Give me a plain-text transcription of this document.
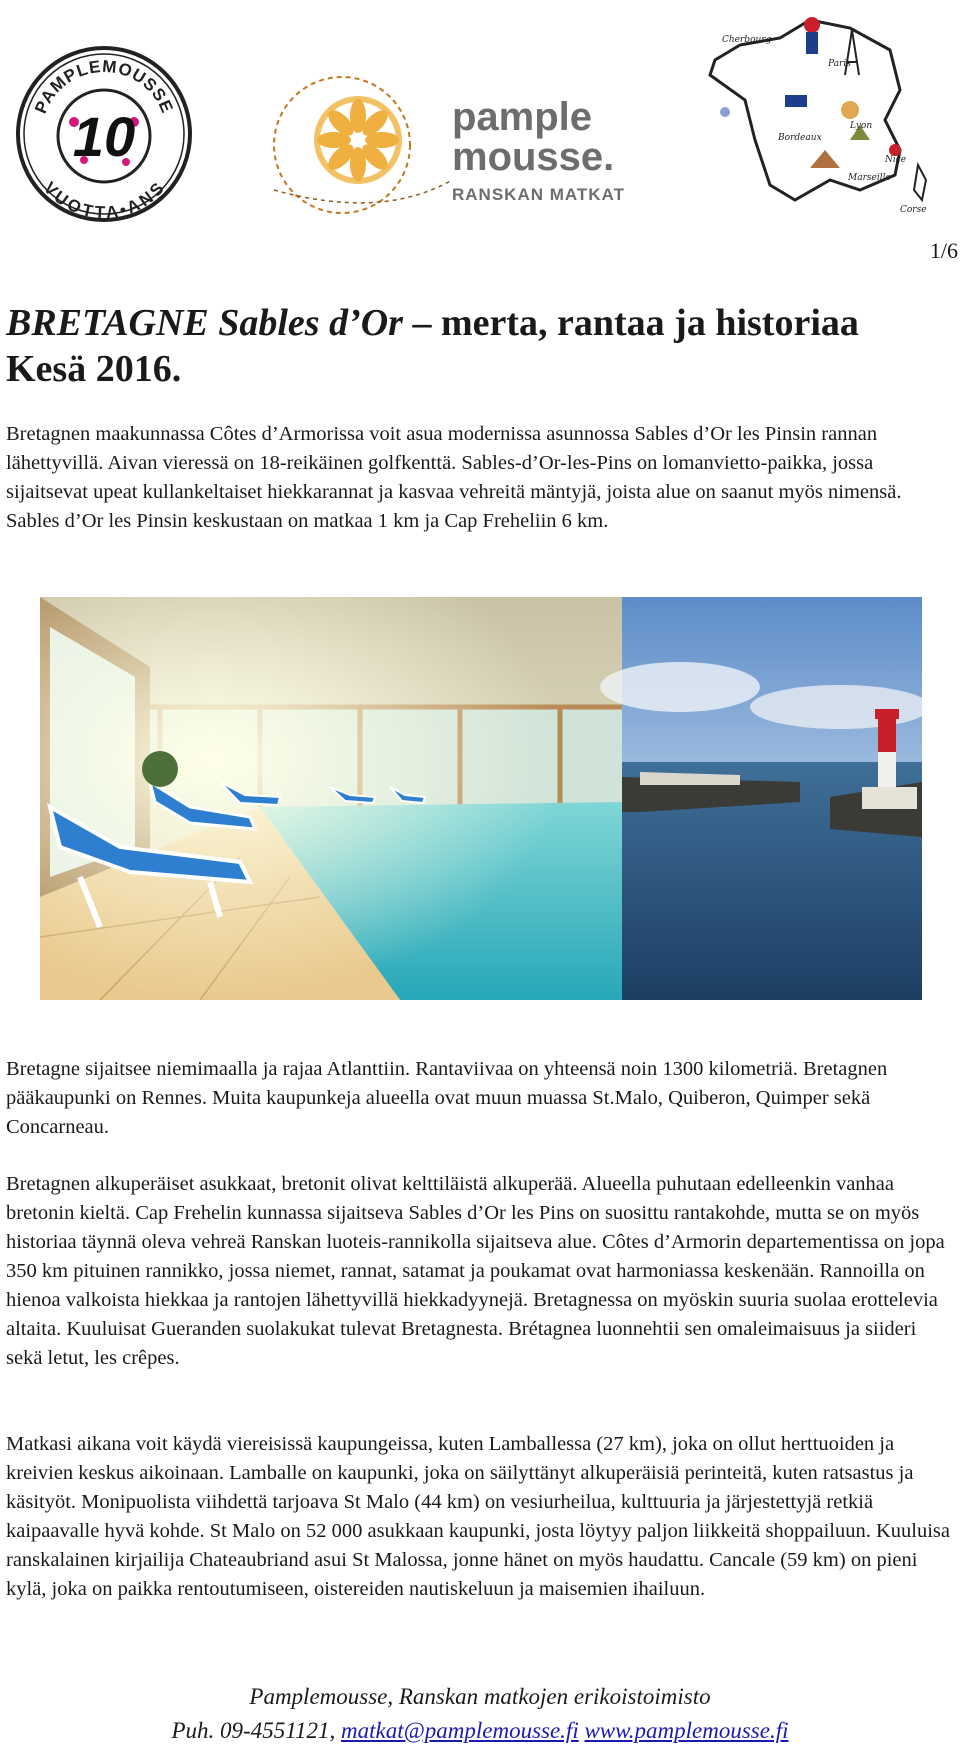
PAMPLEMOUSSE
VUOTTA•ANS
10	pample
mousse.
RANSKAN MATKAT
Cherbourg
Paris
Bordeaux
Lyon
Nice
Marseille
Corse
1/6
BRETAGNE Sables d’Or – merta, rantaa ja historiaa
Kesä 2016.

Bretagnen maakunnassa Côtes d’Armorissa voit asua modernissa asunnossa Sables d’Or les Pinsin rannan lähettyvillä. Aivan vieressä on 18-reikäinen golfkenttä. Sables-d’Or-les-Pins on lomanvietto-paikka, jossa sijaitsevat upeat kullankeltaiset hiekkarannat ja kasvaa vehreitä mäntyjä, joista alue on saanut myös nimensä. Sables d’Or les Pinsin keskustaan on matkaa 1 km ja Cap Freheliin 6 km.

Bretagne sijaitsee niemimaalla ja rajaa Atlanttiin. Rantaviivaa on yhteensä noin 1300 kilometriä. Bretagnen pääkaupunki on Rennes. Muita kaupunkeja alueella ovat muun muassa St.Malo, Quiberon, Quimper sekä Concarneau.

Bretagnen alkuperäiset asukkaat, bretonit olivat kelttiläistä alkuperää. Alueella puhutaan edelleenkin vanhaa bretonin kieltä. Cap Frehelin kunnassa sijaitseva Sables d’Or les Pins on suosittu rantakohde, mutta se on myös historiaa täynnä oleva vehreä Ranskan luoteis-rannikolla sijaitseva alue. Côtes d’Armorin departementissa on jopa 350 km pituinen rannikko, jossa niemet, rannat, satamat ja poukamat ovat harmoniassa keskenään. Rannoilla on hienoa valkoista hiekkaa ja rantojen lähettyvillä hiekkadyynejä. Bretagnessa on myöskin suuria suolaa erottelevia altaita. Kuuluisat Gueranden suolakukat tulevat Bretagnesta. Brétagnea luonnehtii sen omaleimaisuus ja siideri sekä letut, les crêpes.

Matkasi aikana voit käydä viereisissä kaupungeissa, kuten Lamballessa (27 km), joka on ollut herttuoiden ja kreivien keskus aikoinaan. Lamballe on kaupunki, joka on säilyttänyt alkuperäisiä perinteitä, kuten ratsastus ja käsityöt. Monipuolista viihdettä tarjoava St Malo (44 km) on vesiurheilua, kulttuuria ja järjestettyjä retkiä kaipaavalle hyvä kohde. St Malo on 52 000 asukkaan kaupunki, josta löytyy paljon liikkeitä shoppailuun. Kuuluisa ranskalainen kirjailija Chateaubriand asui St Malossa, jonne hänet on myös haudattu. Cancale (59 km) on pieni kylä, joka on paikka rentoutumiseen, oistereiden nautiskeluun ja maisemien ihailuun.

Pamplemousse, Ranskan matkojen erikoistoimisto
Puh. 09-4551121, matkat@pamplemousse.fi www.pamplemousse.fi
